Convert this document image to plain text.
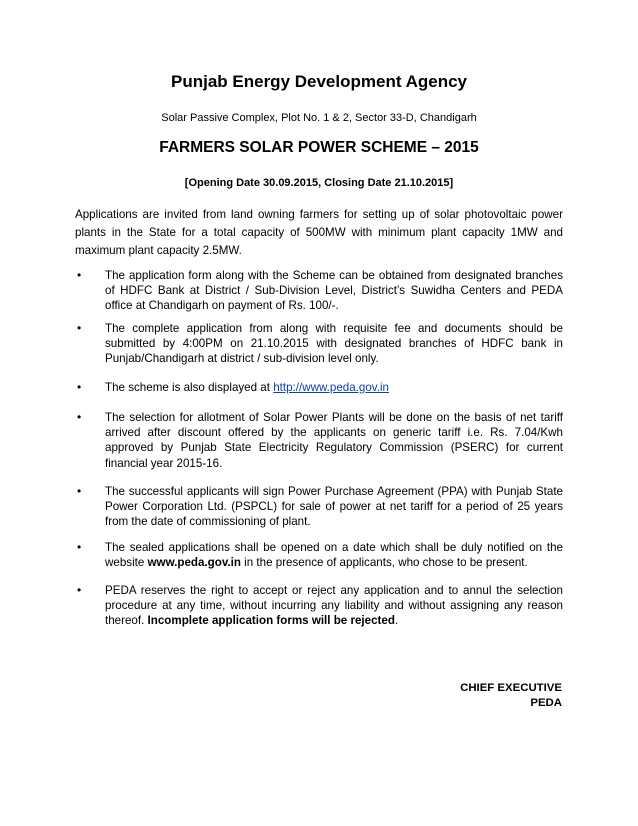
Punjab Energy Development Agency
Solar Passive Complex, Plot No. 1 & 2, Sector 33-D, Chandigarh
FARMERS SOLAR POWER SCHEME – 2015
[Opening Date 30.09.2015, Closing Date 21.10.2015]
Applications are invited from land owning farmers for setting up of solar photovoltaic power plants in the State for a total capacity of 500MW with minimum plant capacity 1MW and maximum plant capacity 2.5MW.
•	The application form along with the Scheme can be obtained from designated branches of HDFC Bank at District / Sub-Division Level, District’s Suwidha Centers and PEDA office at Chandigarh on payment of Rs. 100/-.
•	The complete application from along with requisite fee and documents should be submitted by 4:00PM on 21.10.2015 with designated branches of HDFC bank in Punjab/Chandigarh at district / sub-division level only.
•	The scheme is also displayed at http://www.peda.gov.in
•	The selection for allotment of Solar Power Plants will be done on the basis of net tariff arrived after discount offered by the applicants on generic tariff i.e. Rs. 7.04/Kwh approved by Punjab State Electricity Regulatory Commission (PSERC) for current financial year 2015-16.
•	The successful applicants will sign Power Purchase Agreement (PPA) with Punjab State Power Corporation Ltd. (PSPCL) for sale of power at net tariff for a period of 25 years from the date of commissioning of plant.
•	The sealed applications shall be opened on a date which shall be duly notified on the website www.peda.gov.in in the presence of applicants, who chose to be present.
•	PEDA reserves the right to accept or reject any application and to annul the selection procedure at any time, without incurring any liability and without assigning any reason thereof. Incomplete application forms will be rejected.
CHIEF EXECUTIVE
PEDA
